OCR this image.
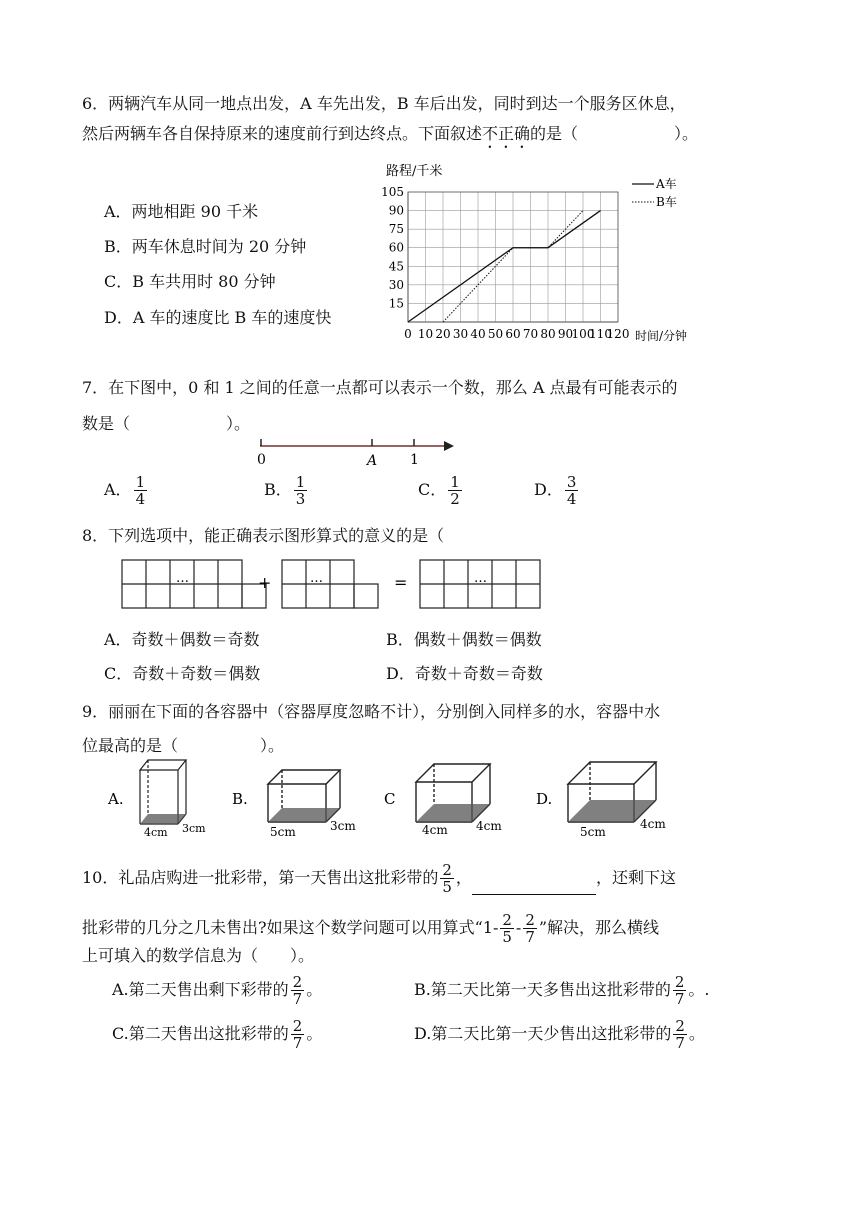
6．两辆汽车从同一地点出发，A 车先出发，B 车后出发，同时到达一个服务区休息，
然后两辆车各自保持原来的速度前行到达终点。下面叙述不正确的是（	）。
A．两地相距 90 千米
B．两车休息时间为 20 分钟
C．B 车共用时 80 分钟
D．A 车的速度比 B 车的速度快
0 10 20 30 40 50 60 70 80 90
100
110
120
15
30
45
60
75
90
105
路程/千米
时间/分钟
A车
B车
7．在下图中，0 和 1 之间的任意一点都可以表示一个数，那么 A 点最有可能表示的
数是（	）。
0	A 1
A． $\frac{1}{4}$	B． $\frac{1}{3}$	C． $\frac{1}{2}$	D． $\frac{3}{4}$
8．下列选项中，能正确表示图形算式的意义的是（
…	…	…
+	=
A．奇数＋偶数＝奇数	B．偶数＋偶数＝偶数
C．奇数＋奇数＝偶数	D．奇数＋奇数＝奇数
9．丽丽在下面的各容器中（容器厚度忽略不计），分别倒入同样多的水，容器中水
位最高的是（	）。
A.	B.	C	D.
4cm 3cm	5cm	3cm	4cm 4cm	5cm
4cm
10．礼品店购进一批彩带，第一天售出这批彩带的 $\frac{2}{5}$ ，	，还剩下这
批彩带的几分之几未售出?如果这个数学问题可以用算式“$1- \frac{2}{5} - \frac{2}{7}$ ”解决，那么横线
上可填入的数学信息为（　　）。
A.第二天售出剩下彩带的 $\frac{2}{7}$ 。	B.第二天比第一天多售出这批彩带的 $\frac{2}{7}$ 。.
C.第二天售出这批彩带的 $\frac{2}{7}$ 。	D.第二天比第一天少售出这批彩带的 $\frac{2}{7}$ 。
